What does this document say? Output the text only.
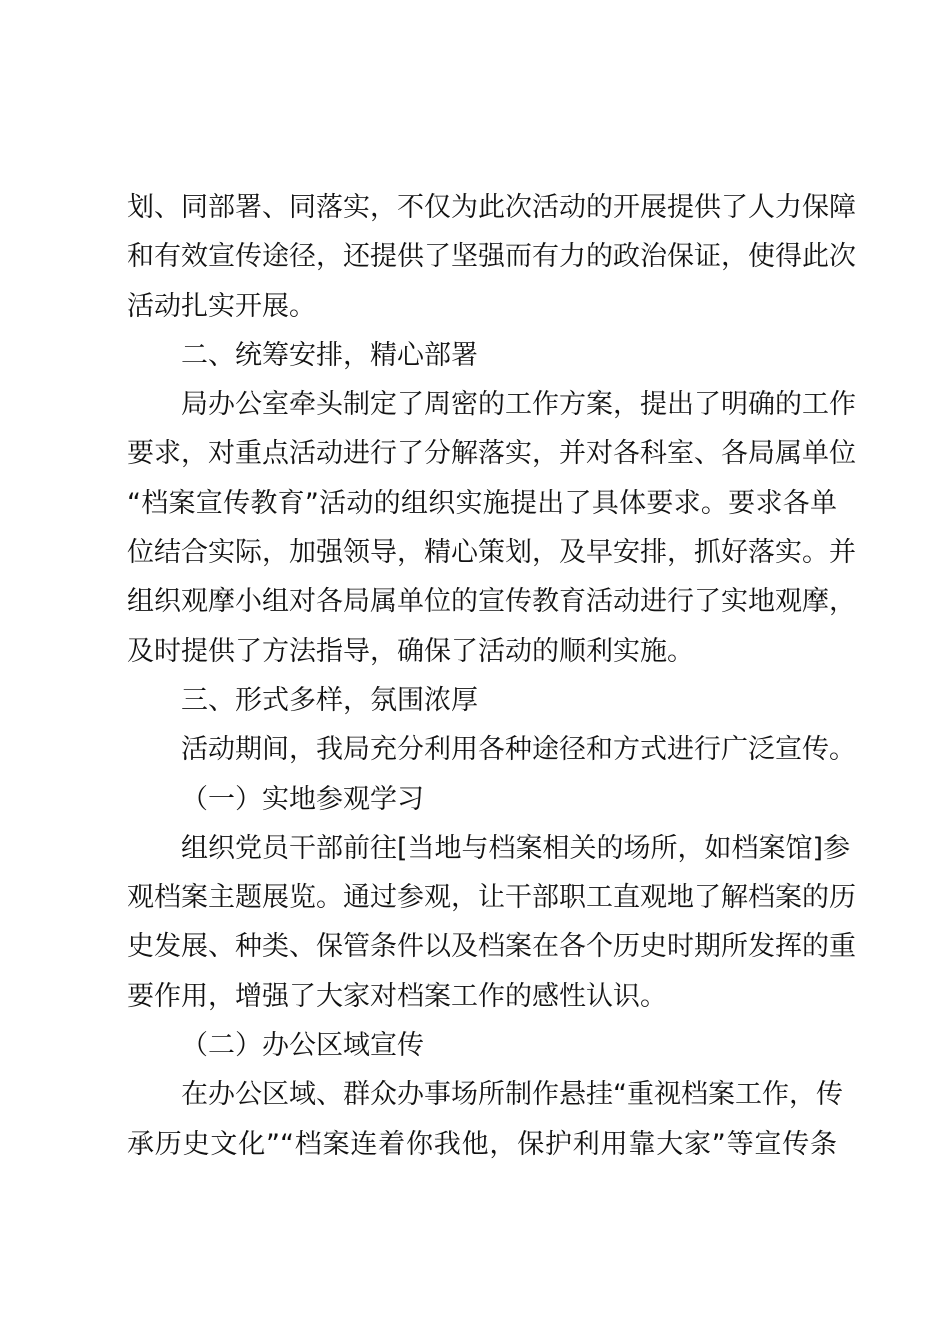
划、同部署、同落实，不仅为此次活动的开展提供了人力保障
和有效宣传途径，还提供了坚强而有力的政治保证，使得此次
活动扎实开展。
二、统筹安排，精心部署
局办公室牵头制定了周密的工作方案，提出了明确的工作
要求，对重点活动进行了分解落实，并对各科室、各局属单位
“档案宣传教育”活动的组织实施提出了具体要求。要求各单
位结合实际，加强领导，精心策划，及早安排，抓好落实。并
组织观摩小组对各局属单位的宣传教育活动进行了实地观摩，
及时提供了方法指导，确保了活动的顺利实施。
三、形式多样，氛围浓厚
活动期间，我局充分利用各种途径和方式进行广泛宣传。
（一）实地参观学习
组织党员干部前往[当地与档案相关的场所，如档案馆]参
观档案主题展览。通过参观，让干部职工直观地了解档案的历
史发展、种类、保管条件以及档案在各个历史时期所发挥的重
要作用，增强了大家对档案工作的感性认识。
（二）办公区域宣传
在办公区域、群众办事场所制作悬挂“重视档案工作，传
承历史文化”“档案连着你我他，保护利用靠大家”等宣传条
